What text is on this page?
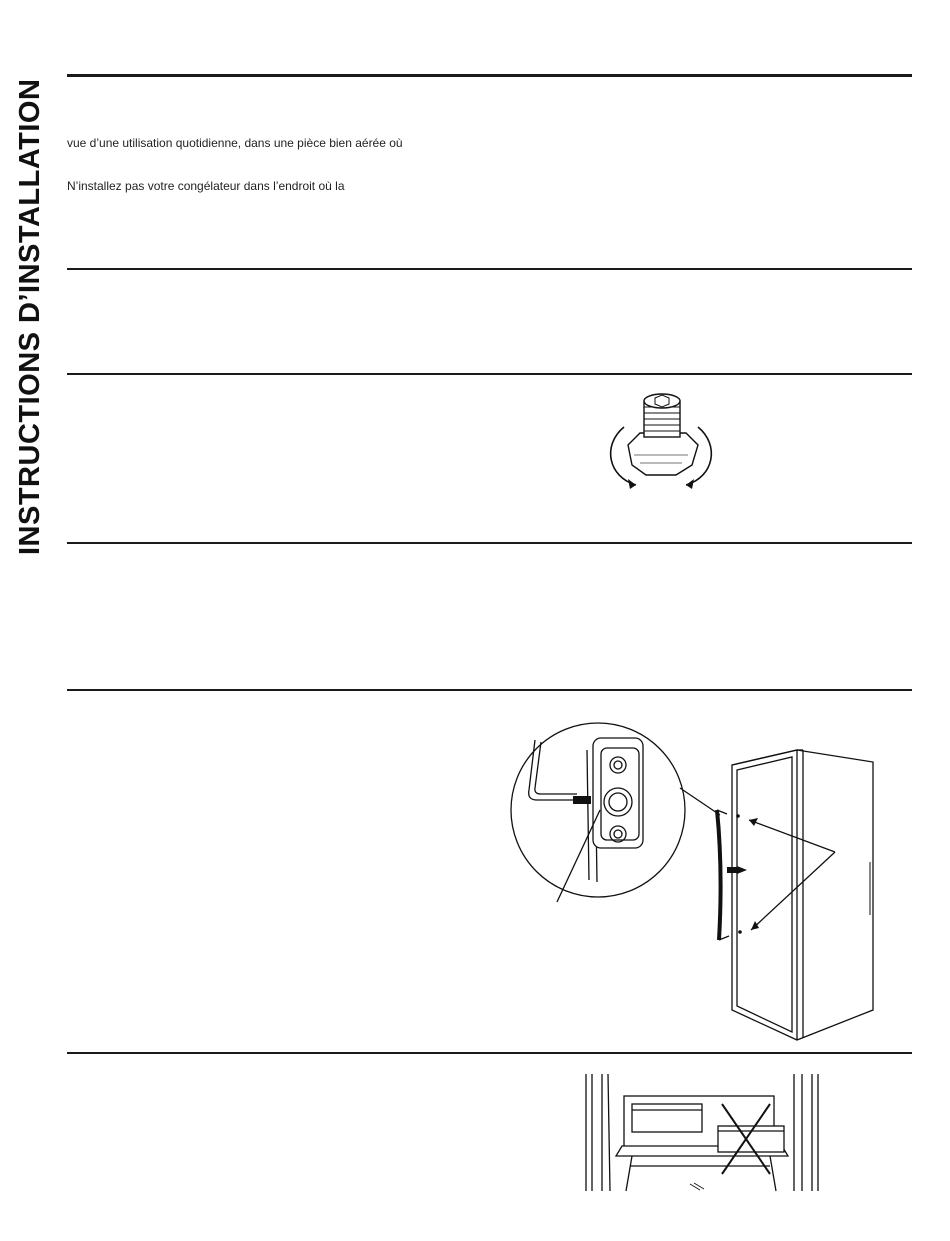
INSTRUCTIONS D’INSTALLATION vue d’une utilisation quotidienne, dans une pièce bien aérée où
N’installez pas votre congélateur dans l’endroit où la
